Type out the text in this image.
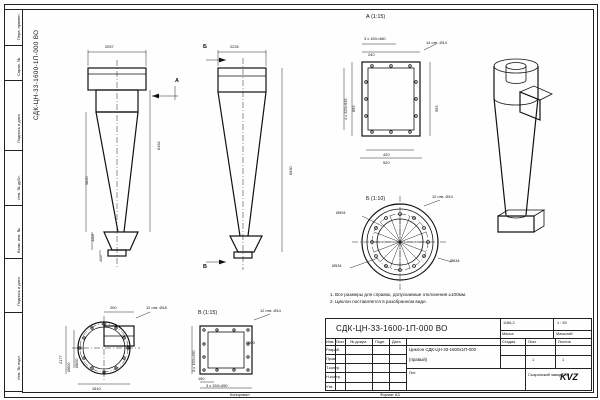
Перв. примен.
Справ. №
Подпись и дата
Инв. № дубл.
Взам. инв. №
Подпись и дата
Инв. № подл.
СДК-ЦН-33-1600-1П-000 ВО	А
2057
6192
5820
1110
406
Б
В
2226
6930
А (1:15)
3 х 150=480
240
14 отв. Ø14
4 х 220=915 855	955
420
520
Б (1:10)
Ø594
Ø534
Ø634
12 отв. Ø14
В (1:15)	12 отв. Ø14
3 х 150=450
150
3 х 150=450
□500
200	12 отв. Ø18
Ø800 Ø850
2177
1510
1. Все размеры для справок, допускаемые отклонения ±100мм.
2. Циклон поставляется в разобранном виде.
СДК-ЦН-33-1600-1П-000 ВО
Изм. Лист № докум. Подп. Дата
Разраб.
Пров.
Т.контр.
Н.контр.
Утв.
Циклон СДК-ЦН-33-1600х1П-000
(правый)
Стадия	Лист	Листов
1	1
Масса	Масштаб
1186,2	1 : 50
Лит.	KVZ
Сызранский завод ГЗЧ
Копировал	Формат А3
